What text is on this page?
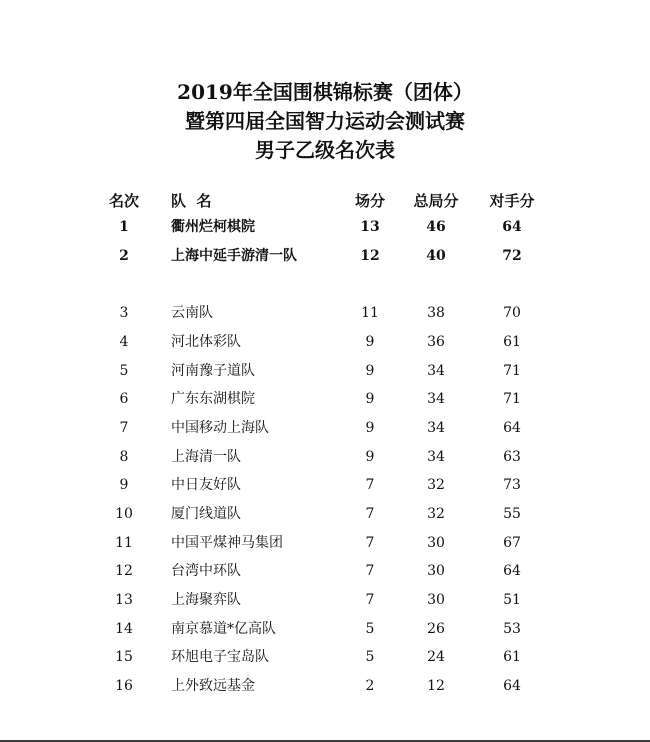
2019年全国围棋锦标赛（团体）
暨第四届全国智力运动会测试赛
男子乙级名次表
名次	队  名	场分	总局分	对手分
1	衢州烂柯棋院	13	46	64
2	上海中延手游清一队	12	40	72
3	云南队	11	38	70
4	河北体彩队	9	36	61
5	河南豫子道队	9	34	71
6	广东东湖棋院	9	34	71
7	中国移动上海队	9	34	64
8	上海清一队	9	34	63
9	中日友好队	7	32	73
10	厦门线道队	7	32	55
11	中国平煤神马集团	7	30	67
12	台湾中环队	7	30	64
13	上海聚弈队	7	30	51
14	南京慕道*亿高队	5	26	53
15	环旭电子宝岛队	5	24	61
16	上外致远基金	2	12	64
